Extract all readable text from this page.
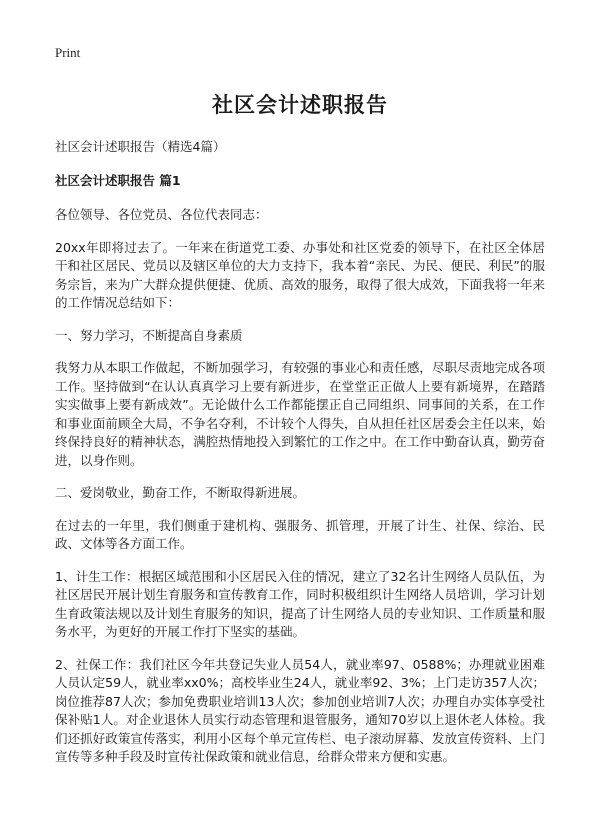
Print
社区会计述职报告
社区会计述职报告（精选4篇）
社区会计述职报告 篇1

各位领导、各位党员、各位代表同志：

20xx年即将过去了。一年来在街道党工委、办事处和社区党委的领导下，在社区全体居干和社区居民、党员以及辖区单位的大力支持下，我本着“亲民、为民、便民、利民”的服务宗旨，来为广大群众提供便捷、优质、高效的服务，取得了很大成效，下面我将一年来的工作情况总结如下：

一、努力学习，不断提高自身素质

我努力从本职工作做起，不断加强学习，有较强的事业心和责任感，尽职尽责地完成各项工作。坚持做到“在认认真真学习上要有新进步，在堂堂正正做人上要有新境界，在踏踏实实做事上要有新成效”。无论做什么工作都能摆正自己同组织、同事间的关系，在工作和事业面前顾全大局，不争名夺利，不计较个人得失，自从担任社区居委会主任以来，始终保持良好的精神状态，满腔热情地投入到繁忙的工作之中。在工作中勤奋认真，勤劳奋进，以身作则。

二、爱岗敬业，勤奋工作，不断取得新进展。

在过去的一年里，我们侧重于建机构、强服务、抓管理，开展了计生、社保、综治、民政、文体等各方面工作。

1、计生工作：根据区域范围和小区居民入住的情况，建立了32名计生网络人员队伍，为社区居民开展计划生育服务和宣传教育工作，同时积极组织计生网络人员培训，学习计划生育政策法规以及计划生育服务的知识，提高了计生网络人员的专业知识、工作质量和服务水平，为更好的开展工作打下坚实的基础。

2、社保工作：我们社区今年共登记失业人员54人，就业率97、0588%；办理就业困难人员认定59人，就业率xx0%；高校毕业生24人，就业率92、3%；上门走访357人次；岗位推荐87人次；参加免费职业培训13人次；参加创业培训7人次；办理自办实体享受社保补贴1人。对企业退休人员实行动态管理和退管服务，通知70岁以上退休老人体检。我们还抓好政策宣传落实，利用小区每个单元宣传栏、电子滚动屏幕、发放宣传资料、上门宣传等多种手段及时宣传社保政策和就业信息，给群众带来方便和实惠。
